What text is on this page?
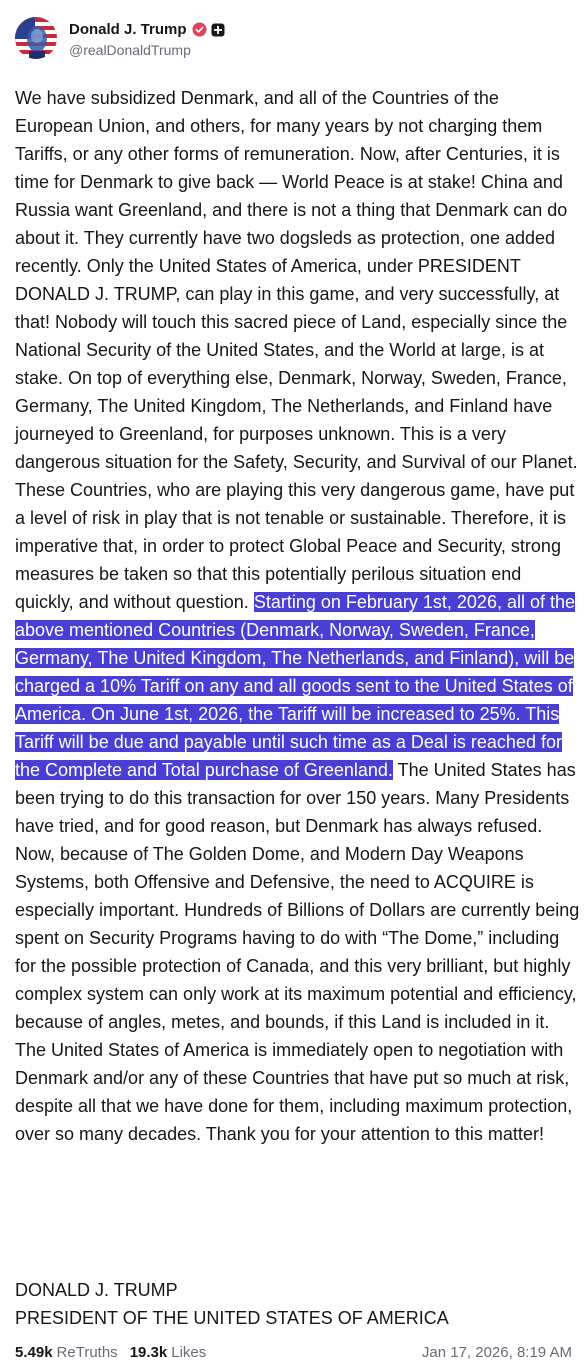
Donald J. Trump
@realDonaldTrump
We have subsidized Denmark, and all of the Countries of the European Union, and others, for many years by not charging them Tariffs, or any other forms of remuneration. Now, after Centuries, it is time for Denmark to give back — World Peace is at stake! China and Russia want Greenland, and there is not a thing that Denmark can do about it. They currently have two dogsleds as protection, one added recently. Only the United States of America, under PRESIDENT DONALD J. TRUMP, can play in this game, and very successfully, at that! Nobody will touch this sacred piece of Land, especially since the National Security of the United States, and the World at large, is at stake. On top of everything else, Denmark, Norway, Sweden, France, Germany, The United Kingdom, The Netherlands, and Finland have journeyed to Greenland, for purposes unknown. This is a very dangerous situation for the Safety, Security, and Survival of our Planet. These Countries, who are playing this very dangerous game, have put a level of risk in play that is not tenable or sustainable. Therefore, it is imperative that, in order to protect Global Peace and Security, strong measures be taken so that this potentially perilous situation end quickly, and without question. Starting on February 1st, 2026, all of the above mentioned Countries (Denmark, Norway, Sweden, France, Germany, The United Kingdom, The Netherlands, and Finland), will be charged a 10% Tariff on any and all goods sent to the United States of America. On June 1st, 2026, the Tariff will be increased to 25%. This Tariff will be due and payable until such time as a Deal is reached for the Complete and Total purchase of Greenland. The United States has been trying to do this transaction for over 150 years. Many Presidents have tried, and for good reason, but Denmark has always refused. Now, because of The Golden Dome, and Modern Day Weapons Systems, both Offensive and Defensive, the need to ACQUIRE is especially important. Hundreds of Billions of Dollars are currently being spent on Security Programs having to do with “The Dome,” including for the possible protection of Canada, and this very brilliant, but highly complex system can only work at its maximum potential and efficiency, because of angles, metes, and bounds, if this Land is included in it. The United States of America is immediately open to negotiation with Denmark and/or any of these Countries that have put so much at risk, despite all that we have done for them, including maximum protection, over so many decades. Thank you for your attention to this matter!
DONALD J. TRUMP
PRESIDENT OF THE UNITED STATES OF AMERICA
5.49k ReTruths 19.3k Likes	Jan 17, 2026, 8:19 AM
